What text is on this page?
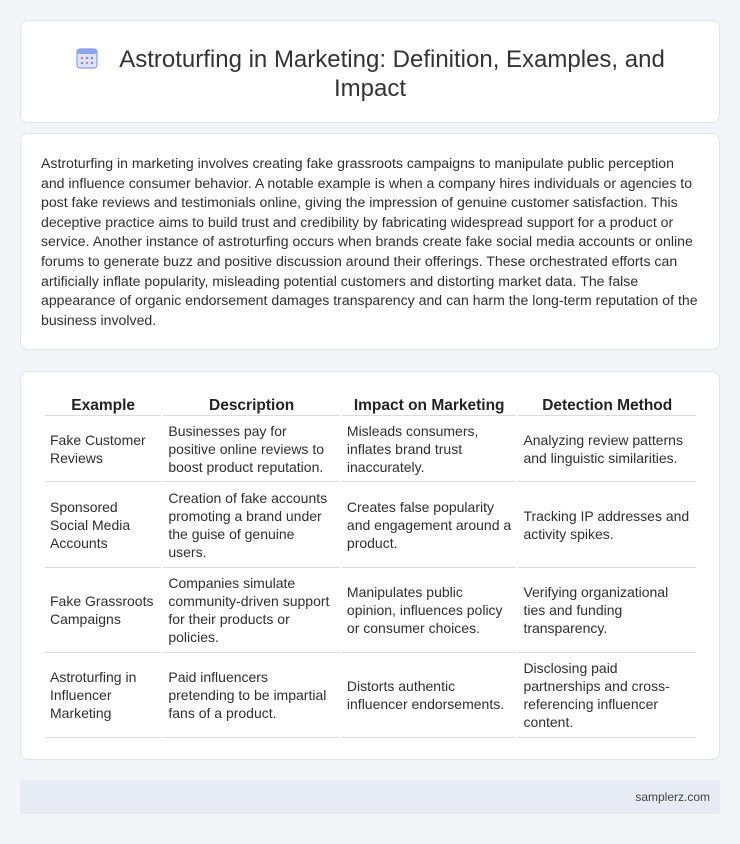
Astroturfing in Marketing: Definition, Examples, and Impact

Astroturfing in marketing involves creating fake grassroots campaigns to manipulate public perception and influence consumer behavior. A notable example is when a company hires individuals or agencies to post fake reviews and testimonials online, giving the impression of genuine customer satisfaction. This deceptive practice aims to build trust and credibility by fabricating widespread support for a product or service. Another instance of astroturfing occurs when brands create fake social media accounts or online forums to generate buzz and positive discussion around their offerings. These orchestrated efforts can artificially inflate popularity, misleading potential customers and distorting market data. The false appearance of organic endorsement damages transparency and can harm the long-term reputation of the business involved.

Example	Description	Impact on Marketing	Detection Method
Fake Customer Reviews	Businesses pay for positive online reviews to boost product reputation.	Misleads consumers, inflates brand trust inaccurately.	Analyzing review patterns and linguistic similarities.
Sponsored Social Media Accounts	Creation of fake accounts promoting a brand under the guise of genuine users.	Creates false popularity and engagement around a product.	Tracking IP addresses and activity spikes.
Fake Grassroots Campaigns	Companies simulate community-driven support for their products or policies.	Manipulates public opinion, influences policy or consumer choices.	Verifying organizational ties and funding transparency.
Astroturfing in Influencer Marketing	Paid influencers pretending to be impartial fans of a product.	Distorts authentic influencer endorsements.	Disclosing paid partnerships and cross-referencing influencer content.
samplerz.com
